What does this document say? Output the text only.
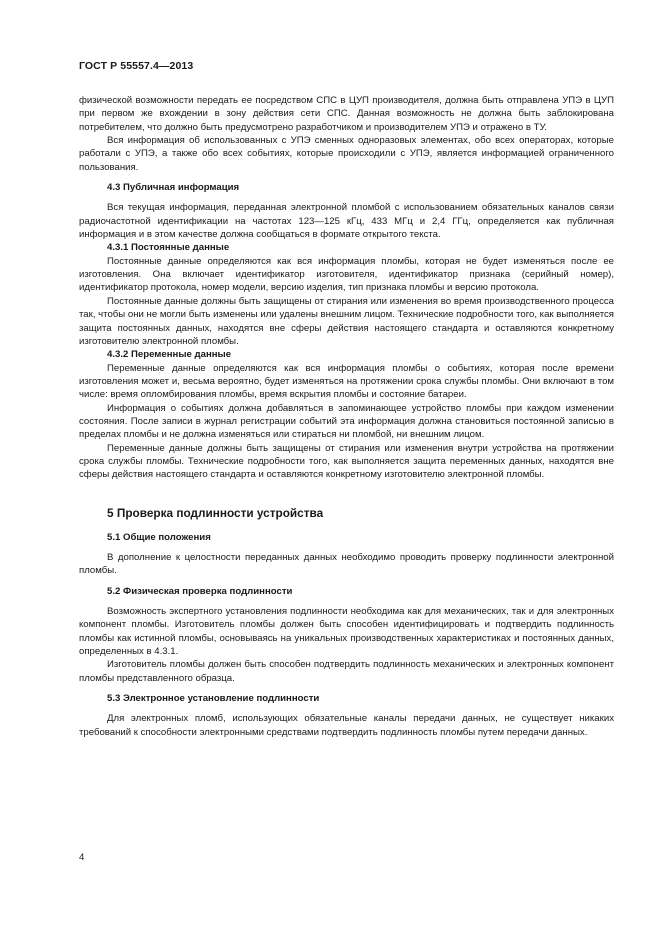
ГОСТ Р 55557.4—2013

физической возможности передать ее посредством СПС в ЦУП производителя, должна быть отправлена УПЭ в ЦУП при первом же вхождении в зону действия сети СПС. Данная возможность не должна быть заблокирована потребителем, что должно быть предусмотрено разработчиком и производителем УПЭ и отражено в ТУ.

Вся информация об использованных с УПЭ сменных одноразовых элементах, обо всех операторах, которые работали с УПЭ, а также обо всех событиях, которые происходили с УПЭ, является информацией ограниченного пользования.

4.3 Публичная информация

Вся текущая информация, переданная электронной пломбой с использованием обязательных каналов связи радиочастотной идентификации на частотах 123—125 кГц, 433 МГц и 2,4 ГГц, определяется как публичная информация и в этом качестве должна сообщаться в формате открытого текста.

4.3.1 Постоянные данные

Постоянные данные определяются как вся информация пломбы, которая не будет изменяться после ее изготовления. Она включает идентификатор изготовителя, идентификатор признака (серийный номер), идентификатор протокола, номер модели, версию изделия, тип признака пломбы и версию протокола.

Постоянные данные должны быть защищены от стирания или изменения во время производственного процесса так, чтобы они не могли быть изменены или удалены внешним лицом. Технические подробности того, как выполняется защита постоянных данных, находятся вне сферы действия настоящего стандарта и оставляются конкретному изготовителю электронной пломбы.

4.3.2 Переменные данные

Переменные данные определяются как вся информация пломбы о событиях, которая после времени изготовления может и, весьма вероятно, будет изменяться на протяжении срока службы пломбы. Они включают в том числе: время опломбирования пломбы, время вскрытия пломбы и состояние батареи.

Информация о событиях должна добавляться в запоминающее устройство пломбы при каждом изменении состояния. После записи в журнал регистрации событий эта информация должна становиться постоянной записью в пределах пломбы и не должна изменяться или стираться ни пломбой, ни внешним лицом.

Переменные данные должны быть защищены от стирания или изменения внутри устройства на протяжении срока службы пломбы. Технические подробности того, как выполняется защита переменных данных, находятся вне сферы действия настоящего стандарта и оставляются конкретному изготовителю электронной пломбы.

5 Проверка подлинности устройства

5.1 Общие положения

В дополнение к целостности переданных данных необходимо проводить проверку подлинности электронной пломбы.

5.2 Физическая проверка подлинности

Возможность экспертного установления подлинности необходима как для механических, так и для электронных компонент пломбы. Изготовитель пломбы должен быть способен идентифицировать и подтвердить подлинность пломбы как истинной пломбы, основываясь на уникальных производственных характеристиках и постоянных данных, определенных в 4.3.1.

Изготовитель пломбы должен быть способен подтвердить подлинность механических и электронных компонент пломбы представленного образца.

5.3 Электронное установление подлинности

Для электронных пломб, использующих обязательные каналы передачи данных, не существует никаких требований к способности электронными средствами подтвердить подлинность пломбы путем передачи данных.

4
